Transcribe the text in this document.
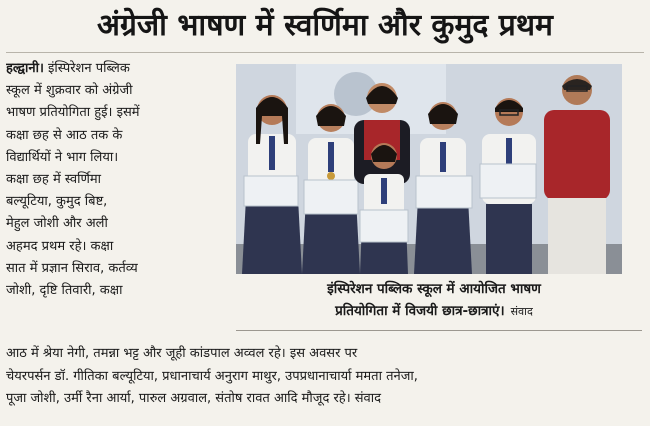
अंग्रेजी भाषण में स्वर्णिमा और कुमुद प्रथम
हल्द्वानी। इंस्पिरेशन पब्लिक
स्कूल में शुक्रवार को अंग्रेजी
भाषण प्रतियोगिता हुई। इसमें
कक्षा छह से आठ तक के
विद्यार्थियों ने भाग लिया।
कक्षा छह में स्वर्णिमा
बल्यूटिया, कुमुद बिष्ट,
मेहुल जोशी और अली
अहमद प्रथम रहे। कक्षा
सात में प्रज्ञान सिराव, कर्तव्य
जोशी, दृष्टि तिवारी, कक्षा	इंस्पिरेशन पब्लिक स्कूल में आयोजित भाषण
प्रतियोगिता में विजयी छात्र-छात्राएं। संवाद
आठ में श्रेया नेगी, तमन्ना भट्ट और जूही कांडपाल अव्वल रहे। इस अवसर पर
चेयरपर्सन डॉ. गीतिका बल्यूटिया, प्रधानाचार्य अनुराग माथुर, उपप्रधानाचार्या ममता तनेजा,
पूजा जोशी, उर्मी रैना आर्या, पारुल अग्रवाल, संतोष रावत आदि मौजूद रहे। संवाद
